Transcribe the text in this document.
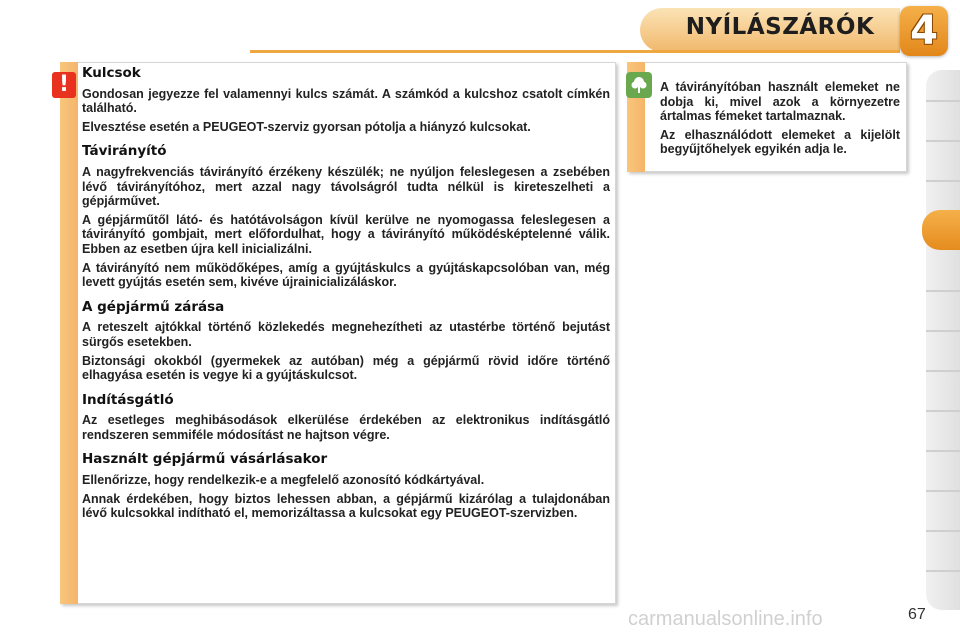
NYÍLÁSZÁRÓK 4
! Kulcsok

Gondosan jegyezze fel valamennyi kulcs számát. A számkód a kulcshoz csatolt címkén található.

Elvesztése esetén a PEUGEOT-szerviz gyorsan pótolja a hiányzó kulcsokat.

Távirányító

A nagyfrekvenciás távirányító érzékeny készülék; ne nyúljon feleslegesen a zsebében lévő távirányítóhoz, mert azzal nagy távolságról tudta nélkül is kireteszelheti a gépjárművet.

A gépjárműtől látó- és hatótávolságon kívül kerülve ne nyomogassa feleslegesen a távirányító gombjait, mert előfordulhat, hogy a távirányító működésképtelenné válik. Ebben az esetben újra kell inicializálni.

A távirányító nem működőképes, amíg a gyújtáskulcs a gyújtáskapcsolóban van, még levett gyújtás esetén sem, kivéve újrainicializáláskor.

A gépjármű zárása

A reteszelt ajtókkal történő közlekedés megnehezítheti az utastérbe történő bejutást sürgős esetekben.

Biztonsági okokból (gyermekek az autóban) még a gépjármű rövid időre történő elhagyása esetén is vegye ki a gyújtáskulcsot.

Indításgátló

Az esetleges meghibásodások elkerülése érdekében az elektronikus indításgátló rendszeren semmiféle módosítást ne hajtson végre.

Használt gépjármű vásárlásakor

Ellenőrizze, hogy rendelkezik-e a megfelelő azonosító kódkártyával.

Annak érdekében, hogy biztos lehessen abban, a gépjármű kizárólag a tulajdonában lévő kulcsokkal indítható el, memorizáltassa a kulcsokat egy PEUGEOT-szervizben.

A távirányítóban használt elemeket ne dobja ki, mivel azok a környezetre ártalmas fémeket tartalmaznak.

Az elhasználódott elemeket a kijelölt begyűjtőhelyek egyikén adja le.

carmanualsonline.info	67
